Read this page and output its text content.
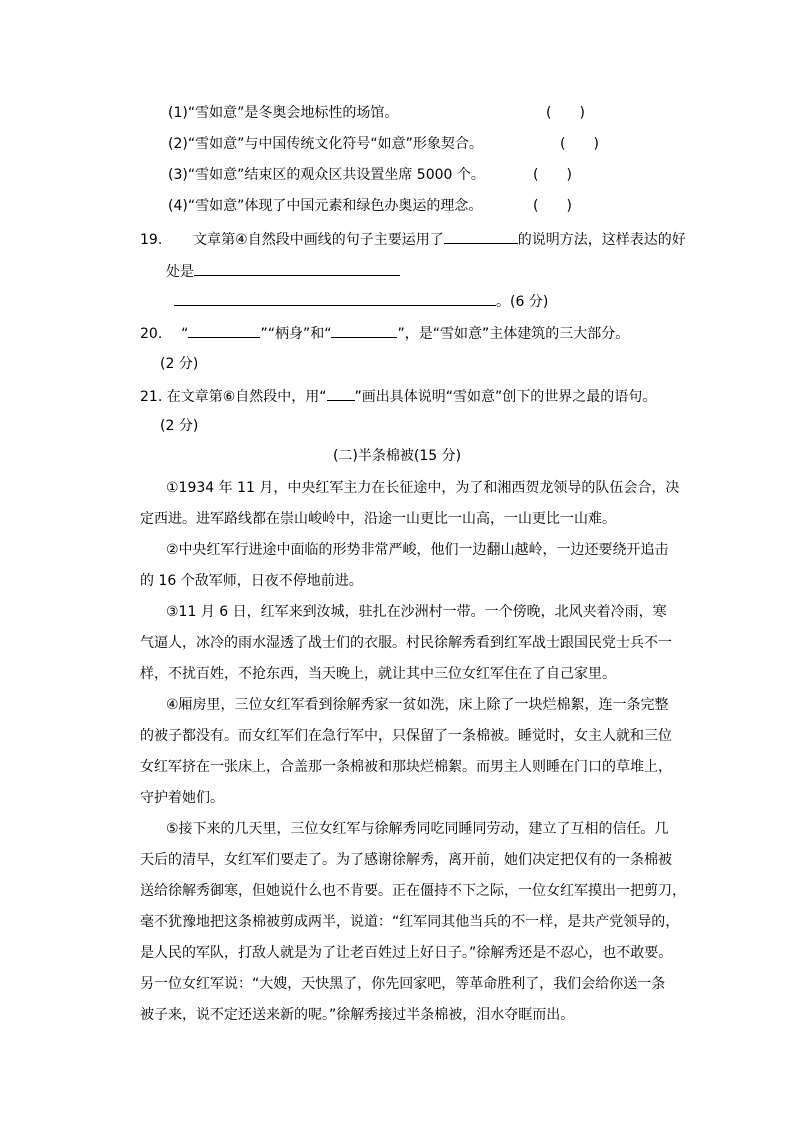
(1)“雪如意”是冬奥会地标性的场馆。	(　　)
(2)“雪如意”与中国传统文化符号“如意”形象契合。	(　　)
(3)“雪如意”结束区的观众区共设置坐席 5000 个。	(　　)
(4)“雪如意”体现了中国元素和绿色办奥运的理念。	(　　)
19. 文章第④自然段中画线的句子主要运用了	的说明方法，这样表达的好
处是
。(6 分)
20. “	”“柄身”和“	”，是“雪如意”主体建筑的三大部分。
(2 分)
21. 在文章第⑥自然段中，用“ ”画出具体说明“雪如意”创下的世界之最的语句。
(2 分)
(二)半条棉被(15 分)
①1934 年 11 月，中央红军主力在长征途中，为了和湘西贺龙领导的队伍会合，决
定西进。进军路线都在崇山峻岭中，沿途一山更比一山高，一山更比一山难。
②中央红军行进途中面临的形势非常严峻，他们一边翻山越岭，一边还要绕开追击
的 16 个敌军师，日夜不停地前进。
③11 月 6 日，红军来到汝城，驻扎在沙洲村一带。一个傍晚，北风夹着冷雨，寒
气逼人，冰冷的雨水湿透了战士们的衣服。村民徐解秀看到红军战士跟国民党士兵不一
样，不扰百姓，不抢东西，当天晚上，就让其中三位女红军住在了自己家里。
④厢房里，三位女红军看到徐解秀家一贫如洗，床上除了一块烂棉絮，连一条完整
的被子都没有。而女红军们在急行军中，只保留了一条棉被。睡觉时，女主人就和三位
女红军挤在一张床上，合盖那一条棉被和那块烂棉絮。而男主人则睡在门口的草堆上，
守护着她们。
⑤接下来的几天里，三位女红军与徐解秀同吃同睡同劳动，建立了互相的信任。几
天后的清早，女红军们要走了。为了感谢徐解秀，离开前，她们决定把仅有的一条棉被
送给徐解秀御寒，但她说什么也不肯要。正在僵持不下之际，一位女红军摸出一把剪刀，
毫不犹豫地把这条棉被剪成两半，说道：“红军同其他当兵的不一样，是共产党领导的，
是人民的军队，打敌人就是为了让老百姓过上好日子。”徐解秀还是不忍心，也不敢要。
另一位女红军说：“大嫂，天快黑了，你先回家吧，等革命胜利了，我们会给你送一条
被子来，说不定还送来新的呢。”徐解秀接过半条棉被，泪水夺眶而出。
